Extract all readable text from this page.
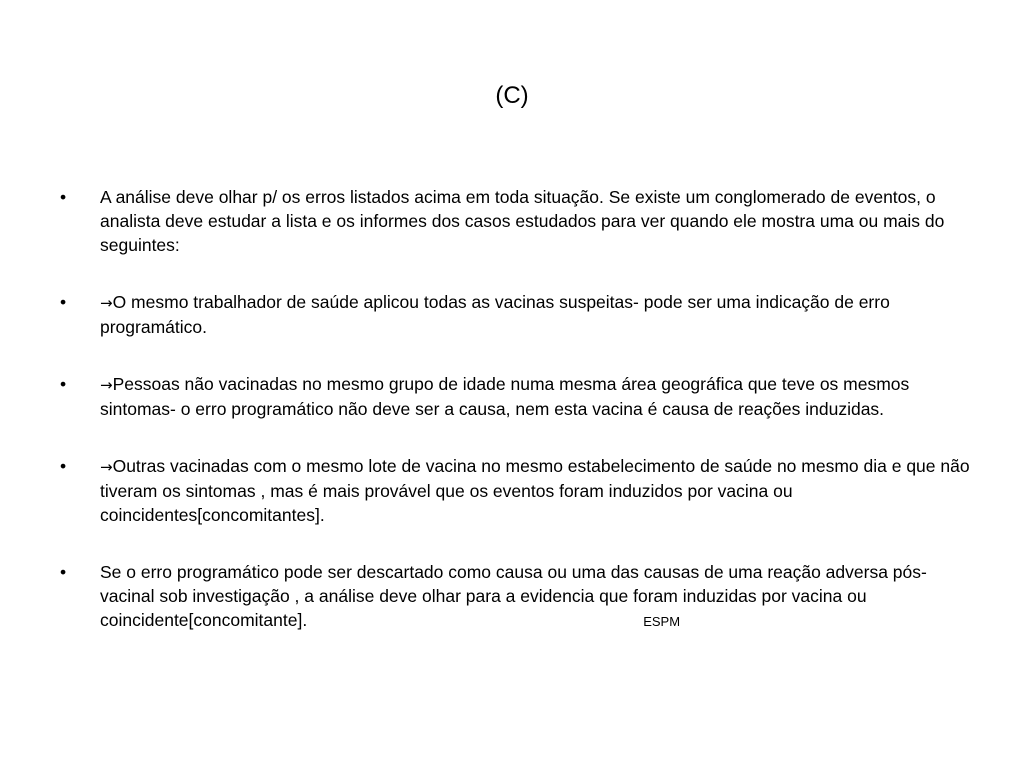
(C)
•	A análise deve olhar p/ os erros listados acima em toda situação. Se existe um conglomerado de eventos, o analista deve estudar a lista e os informes dos casos estudados para ver quando ele mostra uma ou mais do seguintes:
•	→O mesmo trabalhador de saúde aplicou todas as vacinas suspeitas- pode ser uma indicação de erro programático.
•	→Pessoas não vacinadas no mesmo grupo de idade numa mesma área geográfica que teve os mesmos sintomas- o erro programático não deve ser a causa, nem esta vacina é causa de reações induzidas.
•	→Outras vacinadas com o mesmo lote de vacina no mesmo estabelecimento de saúde no mesmo dia e que não tiveram os sintomas , mas é mais provável que os eventos foram induzidos por vacina ou coincidentes[concomitantes].
•	Se o erro programático pode ser descartado como causa ou uma das causas de uma reação adversa pós-vacinal sob investigação , a análise deve olhar para a evidencia que foram induzidas por vacina ou coincidente[concomitante].	ESPM
